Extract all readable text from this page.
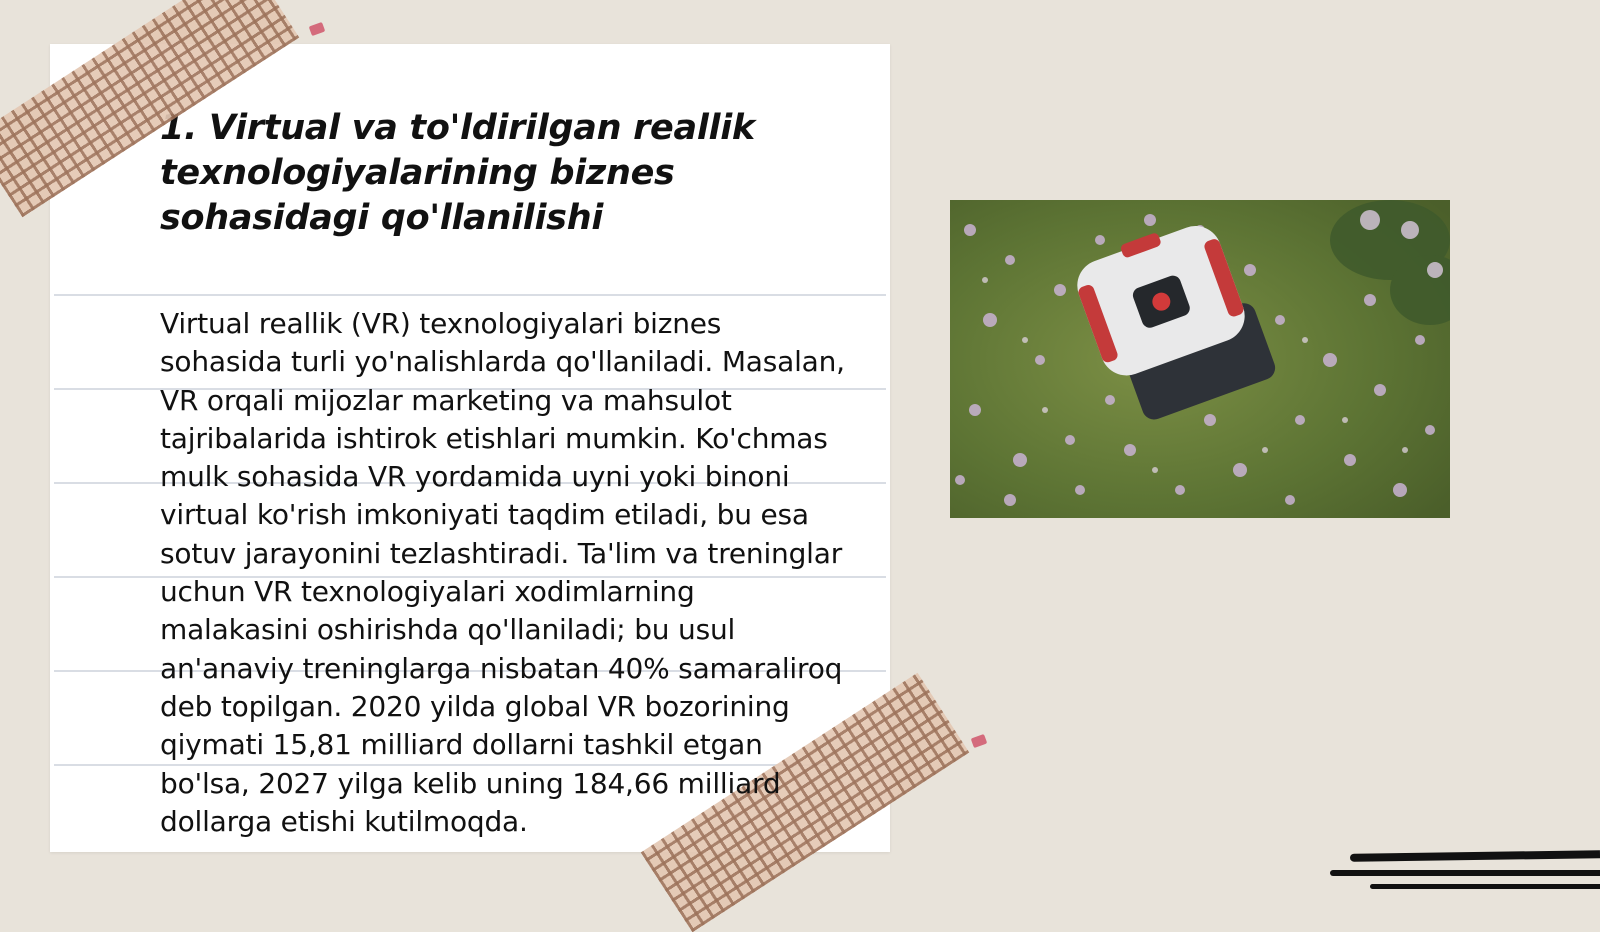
1. Virtual va to'ldirilgan reallik texnologiyalarining biznes sohasidagi qo'llanilishi

Virtual reallik (VR) texnologiyalari biznes sohasida turli yo'nalishlarda qo'llaniladi. Masalan, VR orqali mijozlar marketing va mahsulot tajribalarida ishtirok etishlari mumkin. Ko'chmas mulk sohasida VR yordamida uyni yoki binoni virtual ko'rish imkoniyati taqdim etiladi, bu esa sotuv jarayonini tezlashtiradi. Ta'lim va treninglar uchun VR texnologiyalari xodimlarning malakasini oshirishda qo'llaniladi; bu usul an'anaviy treninglarga nisbatan 40% samaraliroq deb topilgan. 2020 yilda global VR bozorining qiymati 15,81 milliard dollarni tashkil etgan bo'lsa, 2027 yilga kelib uning 184,66 milliard dollarga etishi kutilmoqda.
